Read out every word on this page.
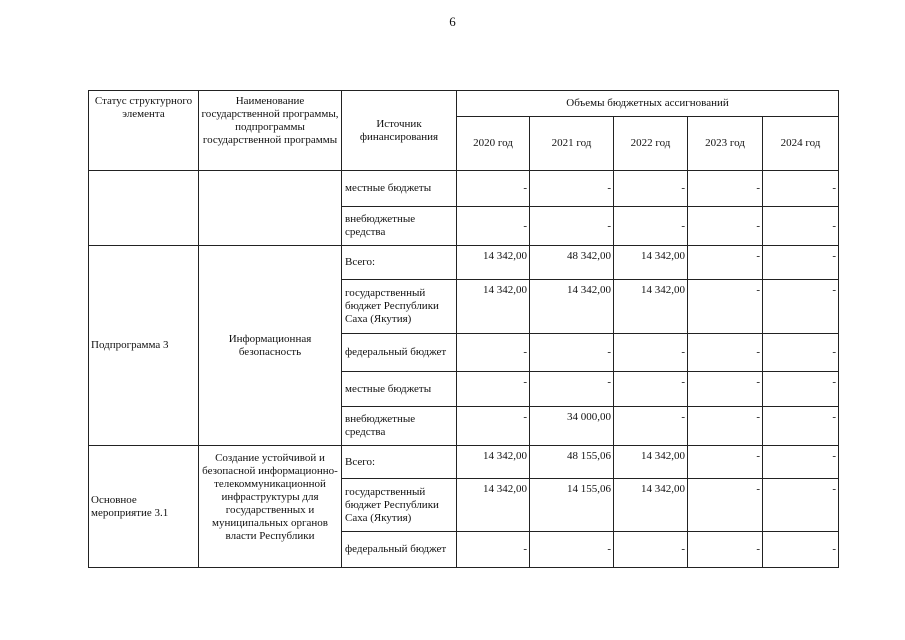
6
Статус структурного элемента	Наименование государственной программы, подпрограммы государственной программы	Источник финансирования	Объемы бюджетных ассигнований				
			2020 год	2021 год	2022 год	2023 год	2024 год
		местные бюджеты	-	-	-	-	-
		внебюджетные средства	-	-	-	-	-
Подпрограмма 3	Информационная безопасность	Всего:	14 342,00	48 342,00	14 342,00	-	-
		государственный бюджет Республики Саха (Якутия)	14 342,00	14 342,00	14 342,00	-	-
		федеральный бюджет	-	-	-	-	-
		местные бюджеты	-	-	-	-	-
		внебюджетные средства	-	34 000,00	-	-	-
Основное мероприятие 3.1	Создание устойчивой и безопасной информационно-телекоммуникационной инфраструктуры для государственных и муниципальных органов власти Республики	Всего:	14 342,00	48 155,06	14 342,00	-	-
		государственный бюджет Республики Саха (Якутия)	14 342,00	14 155,06	14 342,00	-	-
		федеральный бюджет	-	-	-	-	-
